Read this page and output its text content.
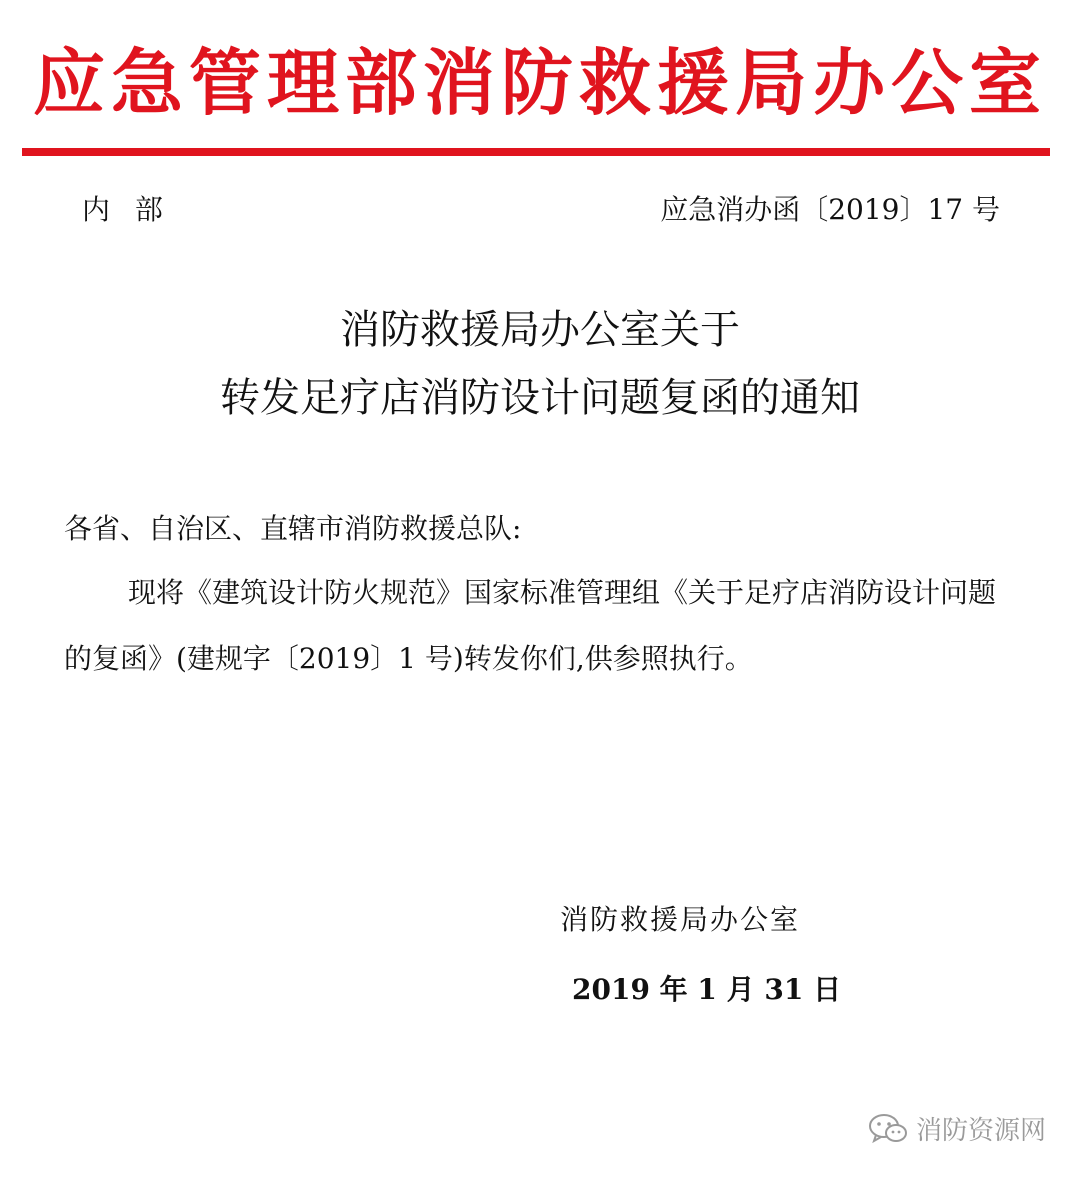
应急管理部消防救援局办公室
内 部	应急消办函〔2019〕17 号
消防救援局办公室关于
转发足疗店消防设计问题复函的通知
各省、自治区、直辖市消防救援总队:
现将《建筑设计防火规范》国家标准管理组《关于足疗店消防设计问题的复函》(建规字〔2019〕1 号)转发你们,供参照执行。
消防救援局办公室
2019 年 1 月 31 日
消防资源网
